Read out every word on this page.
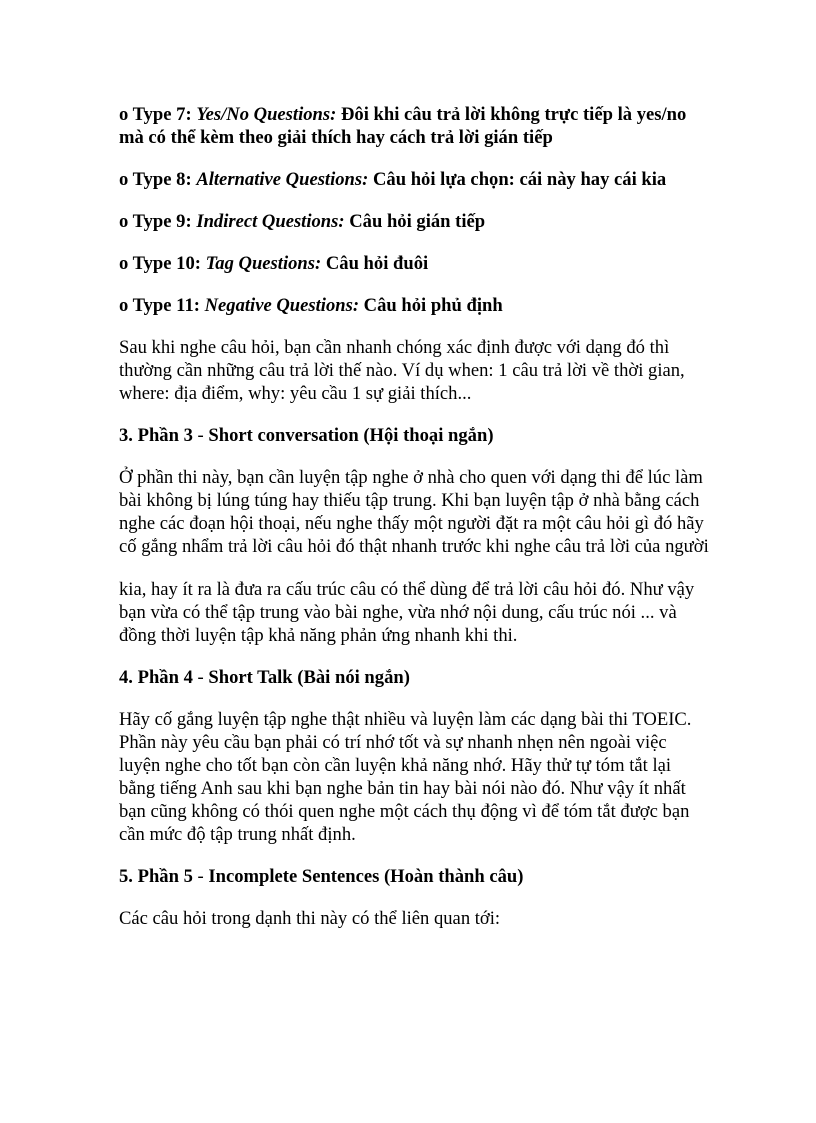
o Type 7: Yes/No Questions: Đôi khi câu trả lời không trực tiếp là yes/no mà có thể kèm theo giải thích hay cách trả lời gián tiếp

o Type 8: Alternative Questions: Câu hỏi lựa chọn: cái này hay cái kia

o Type 9: Indirect Questions: Câu hỏi gián tiếp

o Type 10: Tag Questions: Câu hỏi đuôi

o Type 11: Negative Questions: Câu hỏi phủ định

Sau khi nghe câu hỏi, bạn cần nhanh chóng xác định được với dạng đó thì thường cần những câu trả lời thế nào. Ví dụ when: 1 câu trả lời về thời gian, where: địa điểm, why: yêu cầu 1 sự giải thích...

3. Phần 3 - Short conversation (Hội thoại ngắn)

Ở phần thi này, bạn cần luyện tập nghe ở nhà cho quen với dạng thi để lúc làm bài không bị lúng túng hay thiếu tập trung. Khi bạn luyện tập ở nhà bằng cách nghe các đoạn hội thoại, nếu nghe thấy một người đặt ra một câu hỏi gì đó hãy cố gắng nhẩm trả lời câu hỏi đó thật nhanh trước khi nghe câu trả lời của người

kia, hay ít ra là đưa ra cấu trúc câu có thể dùng để trả lời câu hỏi đó. Như vậy bạn vừa có thể tập trung vào bài nghe, vừa nhớ nội dung, cấu trúc nói ... và đồng thời luyện tập khả năng phản ứng nhanh khi thi.

4. Phần 4 - Short Talk (Bài nói ngắn)

Hãy cố gắng luyện tập nghe thật nhiều và luyện làm các dạng bài thi TOEIC. Phần này yêu cầu bạn phải có trí nhớ tốt và sự nhanh nhẹn nên ngoài việc luyện nghe cho tốt bạn còn cần luyện khả năng nhớ. Hãy thử tự tóm tắt lại bằng tiếng Anh sau khi bạn nghe bản tin hay bài nói nào đó. Như vậy ít nhất bạn cũng không có thói quen nghe một cách thụ động vì để tóm tắt được bạn cần mức độ tập trung nhất định.

5. Phần 5 - Incomplete Sentences (Hoàn thành câu)

Các câu hỏi trong dạnh thi này có thể liên quan tới:
